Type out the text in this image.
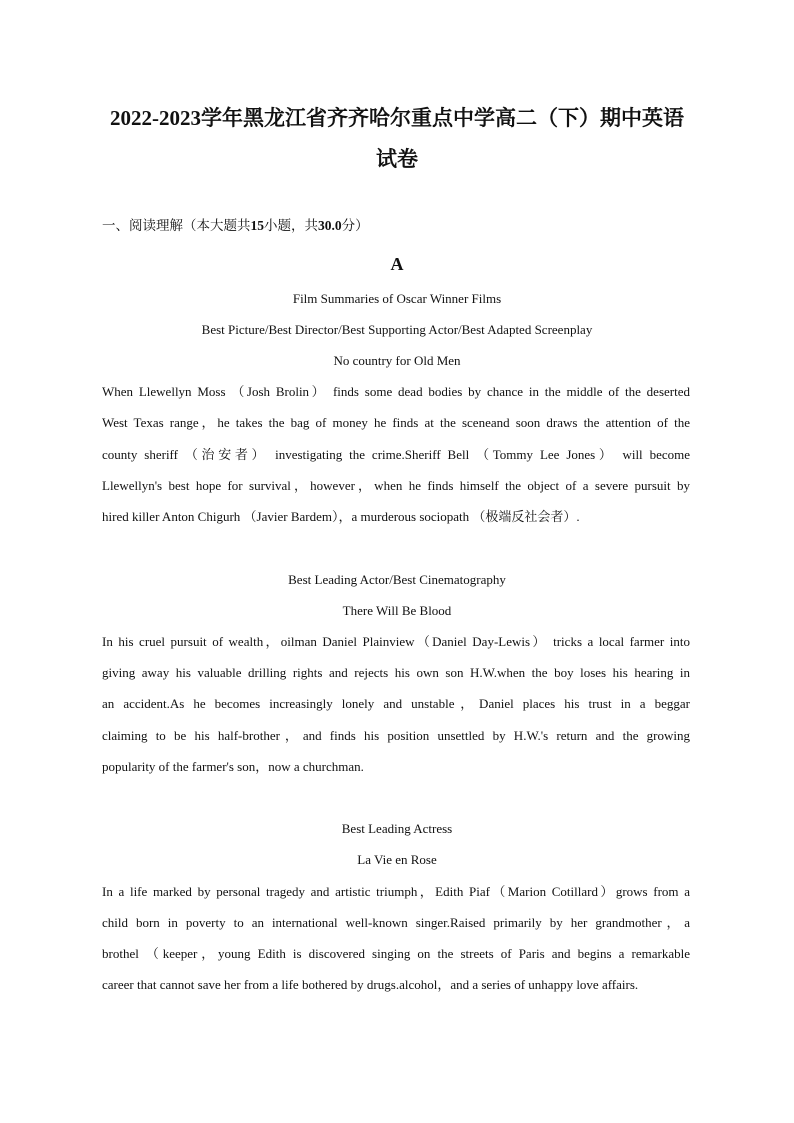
2022-2023学年黑龙江省齐齐哈尔重点中学高二（下）期中英语
试卷
一、阅读理解（本大题共15小题，共30.0分）
A
Film Summaries of Oscar Winner Films
Best Picture/Best Director/Best Supporting Actor/Best Adapted Screenplay
No country for Old Men
When Llewellyn Moss （Josh Brolin） finds some dead bodies by chance in the middle of the deserted
West Texas range，he takes the bag of money he finds at the sceneand soon draws the attention of the
county sheriff （治安者） investigating the crime.Sheriff Bell （Tommy Lee Jones） will become
Llewellyn's best hope for survival，however，when he finds himself the object of a severe pursuit by
hired killer Anton Chigurh （Javier Bardem），a murderous sociopath （极端反社会者）.
Best Leading Actor/Best Cinematography
There Will Be Blood
In his cruel pursuit of wealth，oilman Daniel Plainview（Daniel Day-Lewis） tricks a local farmer into
giving away his valuable drilling rights and rejects his own son H.W.when the boy loses his hearing in
an accident.As he becomes increasingly lonely and unstable，Daniel places his trust in a beggar
claiming to be his half-brother，and finds his position unsettled by H.W.'s return and the growing
popularity of the farmer's son，now a churchman.
Best Leading Actress
La Vie en Rose
In a life marked by personal tragedy and artistic triumph，Edith Piaf（Marion Cotillard）grows from a
child born in poverty to an international well-known singer.Raised primarily by her grandmother，a
brothel （keeper，young Edith is discovered singing on the streets of Paris and begins a remarkable
career that cannot save her from a life bothered by drugs.alcohol，and a series of unhappy love affairs.
